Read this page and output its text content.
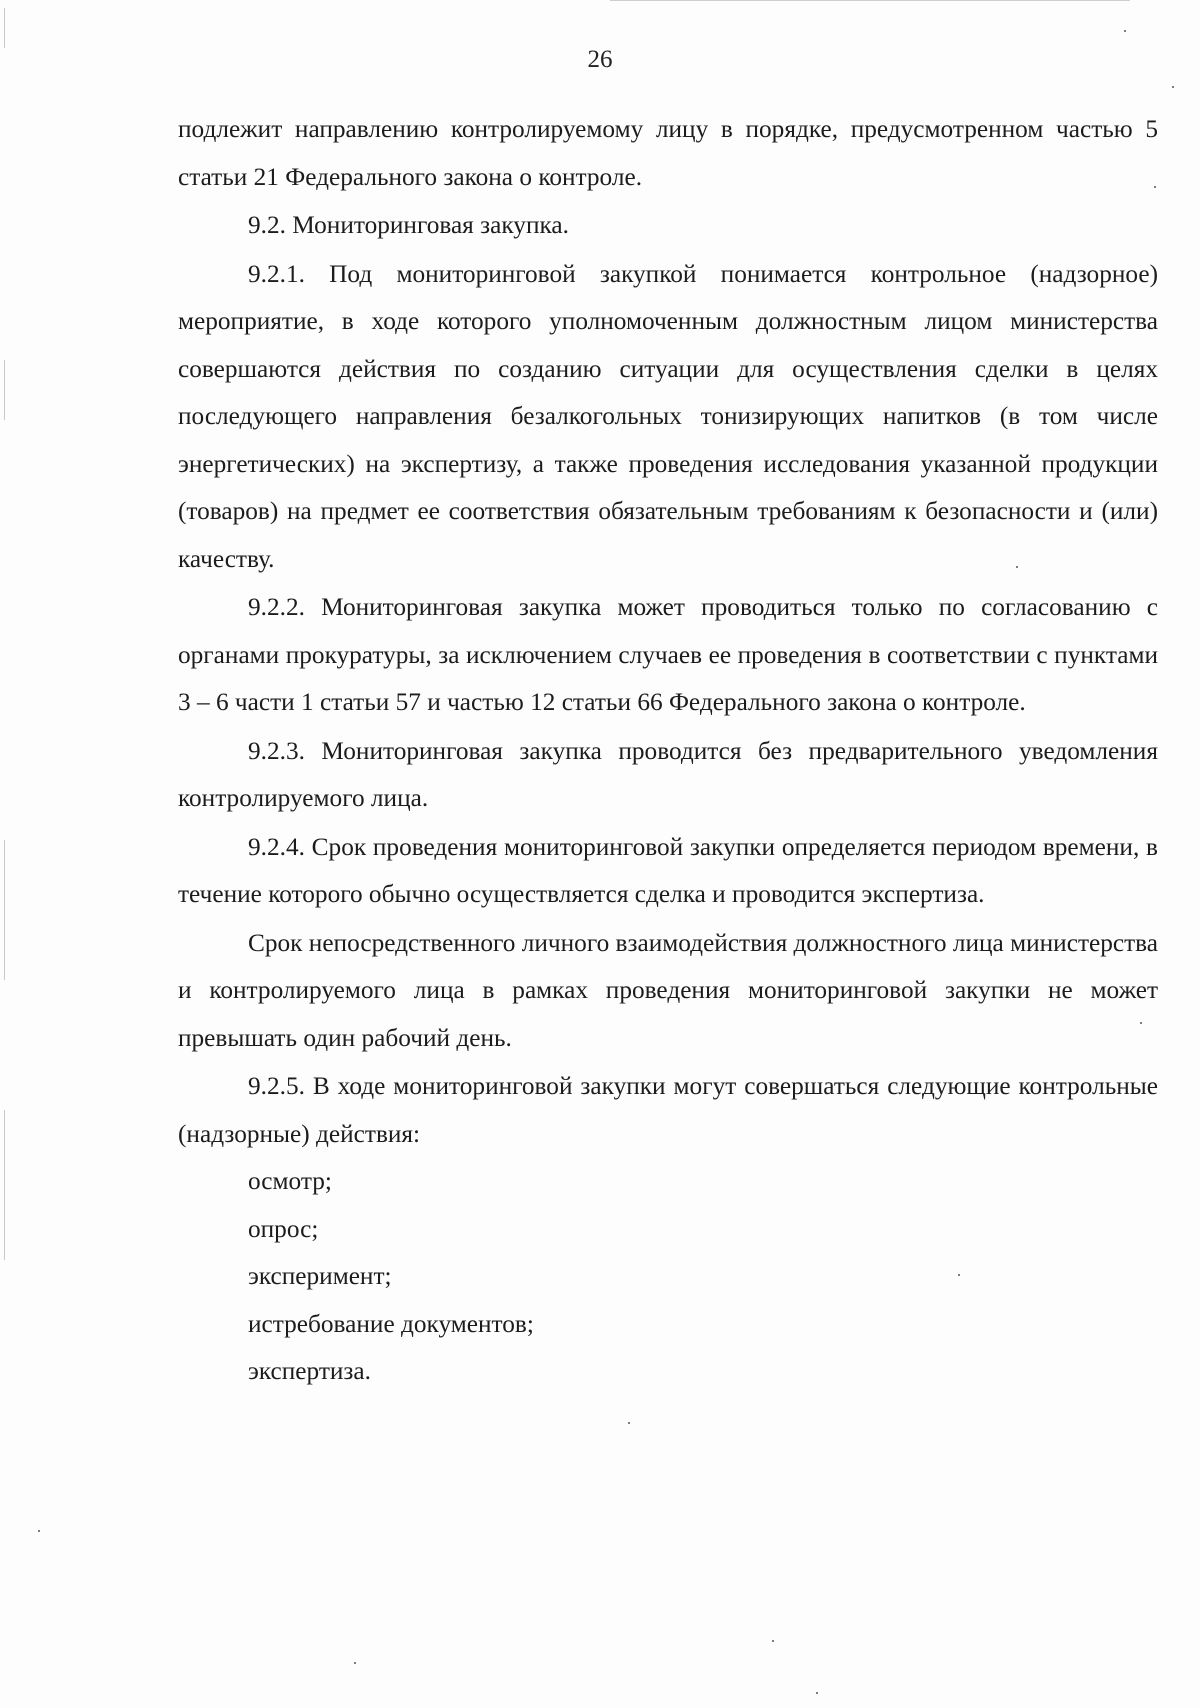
26

подлежит направлению контролируемому лицу в порядке, предусмотренном частью 5 статьи 21 Федерального закона о контроле.

9.2. Мониторинговая закупка.

9.2.1. Под мониторинговой закупкой понимается контрольное (надзорное) мероприятие, в ходе которого уполномоченным должностным лицом министерства совершаются действия по созданию ситуации для осуществления сделки в целях последующего направления безалкогольных тонизирующих напитков (в том числе энергетических) на экспертизу, а также проведения исследования указанной продукции (товаров) на предмет ее соответствия обязательным требованиям к безопасности и (или) качеству.

9.2.2. Мониторинговая закупка может проводиться только по согласованию с органами прокуратуры, за исключением случаев ее проведения в соответствии с пунктами 3 – 6 части 1 статьи 57 и частью 12 статьи 66 Федерального закона о контроле.

9.2.3. Мониторинговая закупка проводится без предварительного уведомления контролируемого лица.

9.2.4. Срок проведения мониторинговой закупки определяется периодом времени, в течение которого обычно осуществляется сделка и проводится экспертиза.

Срок непосредственного личного взаимодействия должностного лица министерства и контролируемого лица в рамках проведения мониторинговой закупки не может превышать один рабочий день.

9.2.5. В ходе мониторинговой закупки могут совершаться следующие контрольные (надзорные) действия:

осмотр;

опрос;

эксперимент;

истребование документов;

экспертиза.
